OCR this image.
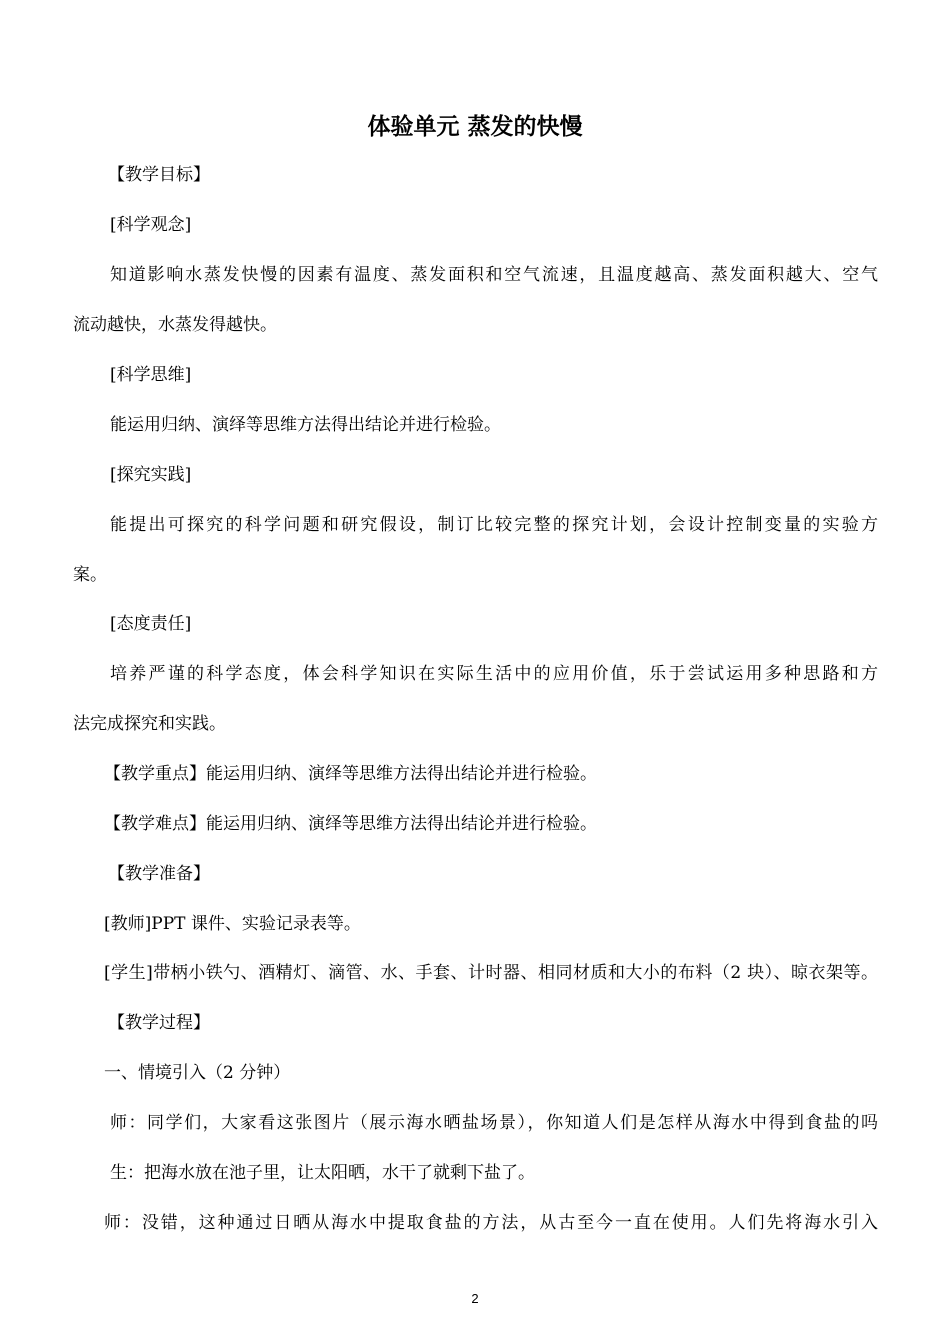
体验单元 蒸发的快慢
【教学目标】
[科学观念]
知道影响水蒸发快慢的因素有温度、蒸发面积和空气流速，且温度越高、蒸发面积越大、空气
流动越快，水蒸发得越快。
[科学思维]
能运用归纳、演绎等思维方法得出结论并进行检验。
[探究实践]
能提出可探究的科学问题和研究假设，制订比较完整的探究计划，会设计控制变量的实验方
案。
[态度责任]
培养严谨的科学态度，体会科学知识在实际生活中的应用价值，乐于尝试运用多种思路和方
法完成探究和实践。
【教学重点】能运用归纳、演绎等思维方法得出结论并进行检验。
【教学难点】能运用归纳、演绎等思维方法得出结论并进行检验。
【教学准备】
[教师]PPT 课件、实验记录表等。
[学生]带柄小铁勺、酒精灯、滴管、水、手套、计时器、相同材质和大小的布料（2 块）、晾衣架等。
【教学过程】
一、情境引入（2 分钟）
师：同学们，大家看这张图片（展示海水晒盐场景），你知道人们是怎样从海水中得到食盐的吗
生：把海水放在池子里，让太阳晒，水干了就剩下盐了。
师：没错，这种通过日晒从海水中提取食盐的方法，从古至今一直在使用。人们先将海水引入
2
